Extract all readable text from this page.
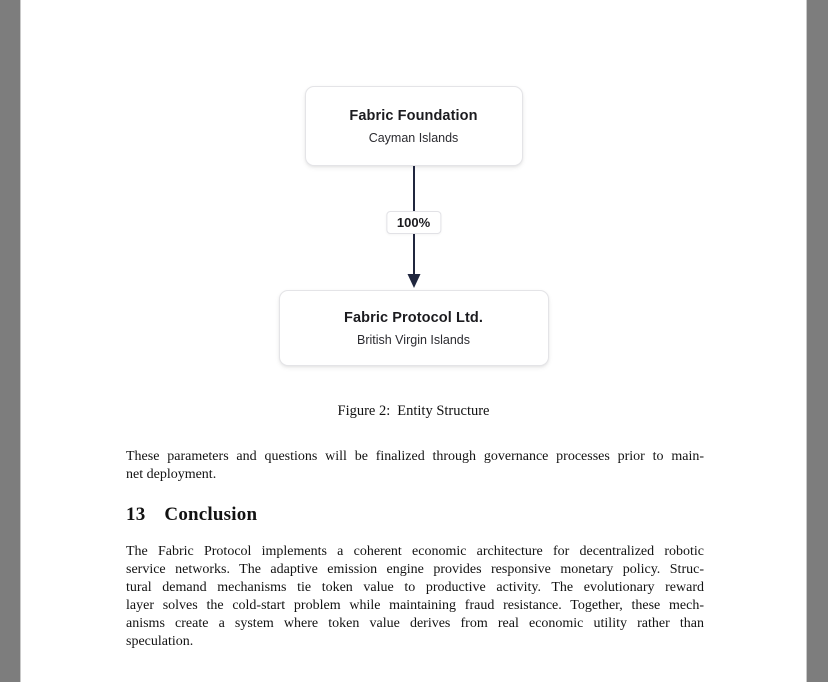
Fabric Foundation
Cayman Islands
100%
Fabric Protocol Ltd.
British Virgin Islands
Figure 2: Entity Structure
These parameters and questions will be finalized through governance processes prior to main-
net deployment.
13 Conclusion
The Fabric Protocol implements a coherent economic architecture for decentralized robotic
service networks. The adaptive emission engine provides responsive monetary policy. Struc-
tural demand mechanisms tie token value to productive activity. The evolutionary reward
layer solves the cold-start problem while maintaining fraud resistance. Together, these mech-
anisms create a system where token value derives from real economic utility rather than
speculation.
